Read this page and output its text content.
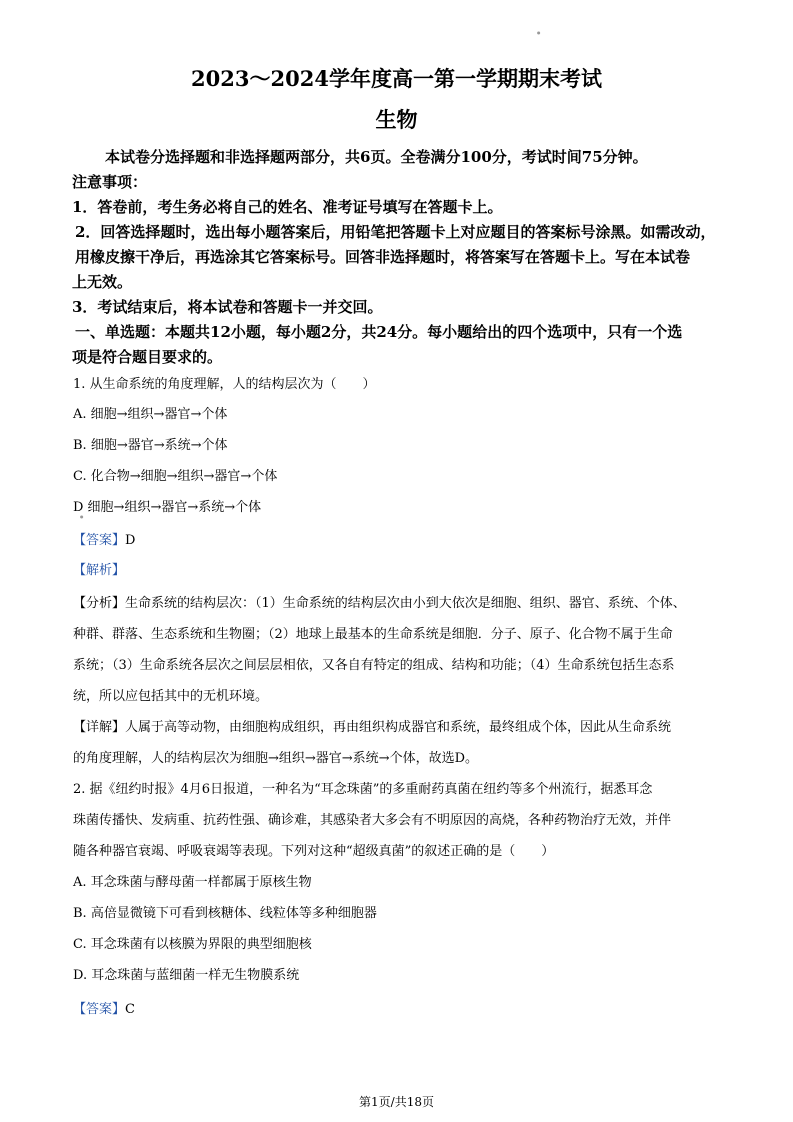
●
●
2023～2024学年度高一第一学期期末考试
生物
本试卷分选择题和非选择题两部分，共6页。全卷满分100分，考试时间75分钟。
注意事项：
1．答卷前，考生务必将自己的姓名、准考证号填写在答题卡上。
2．回答选择题时，选出每小题答案后，用铅笔把答题卡上对应题目的答案标号涂黑。如需改动，
用橡皮擦干净后，再选涂其它答案标号。回答非选择题时，将答案写在答题卡上。写在本试卷
上无效。
3．考试结束后，将本试卷和答题卡一并交回。
一、单选题：本题共12小题，每小题2分，共24分。每小题给出的四个选项中，只有一个选
项是符合题目要求的。
1. 从生命系统的角度理解，人的结构层次为（　　）
A. 细胞→组织→器官→个体
B. 细胞→器官→系统→个体
C. 化合物→细胞→组织→器官→个体
D 细胞→组织→器官→系统→个体
【答案】D
【解析】
【分析】生命系统的结构层次：（1）生命系统的结构层次由小到大依次是细胞、组织、器官、系统、个体、
种群、群落、生态系统和生物圈；（2）地球上最基本的生命系统是细胞．分子、原子、化合物不属于生命
系统；（3）生命系统各层次之间层层相依，又各自有特定的组成、结构和功能；（4）生命系统包括生态系
统，所以应包括其中的无机环境。
【详解】人属于高等动物，由细胞构成组织，再由组织构成器官和系统，最终组成个体，因此从生命系统
的角度理解，人的结构层次为细胞→组织→器官→系统→个体，故选D。
2. 据《纽约时报》4月6日报道，一种名为“耳念珠菌”的多重耐药真菌在纽约等多个州流行，据悉耳念
珠菌传播快、发病重、抗药性强、确诊难，其感染者大多会有不明原因的高烧，各种药物治疗无效，并伴
随各种器官衰竭、呼吸衰竭等表现。下列对这种“超级真菌”的叙述正确的是（　　）
A. 耳念珠菌与酵母菌一样都属于原核生物
B. 高倍显微镜下可看到核糖体、线粒体等多种细胞器
C. 耳念珠菌有以核膜为界限的典型细胞核
D. 耳念珠菌与蓝细菌一样无生物膜系统
【答案】C
第1页/共18页
